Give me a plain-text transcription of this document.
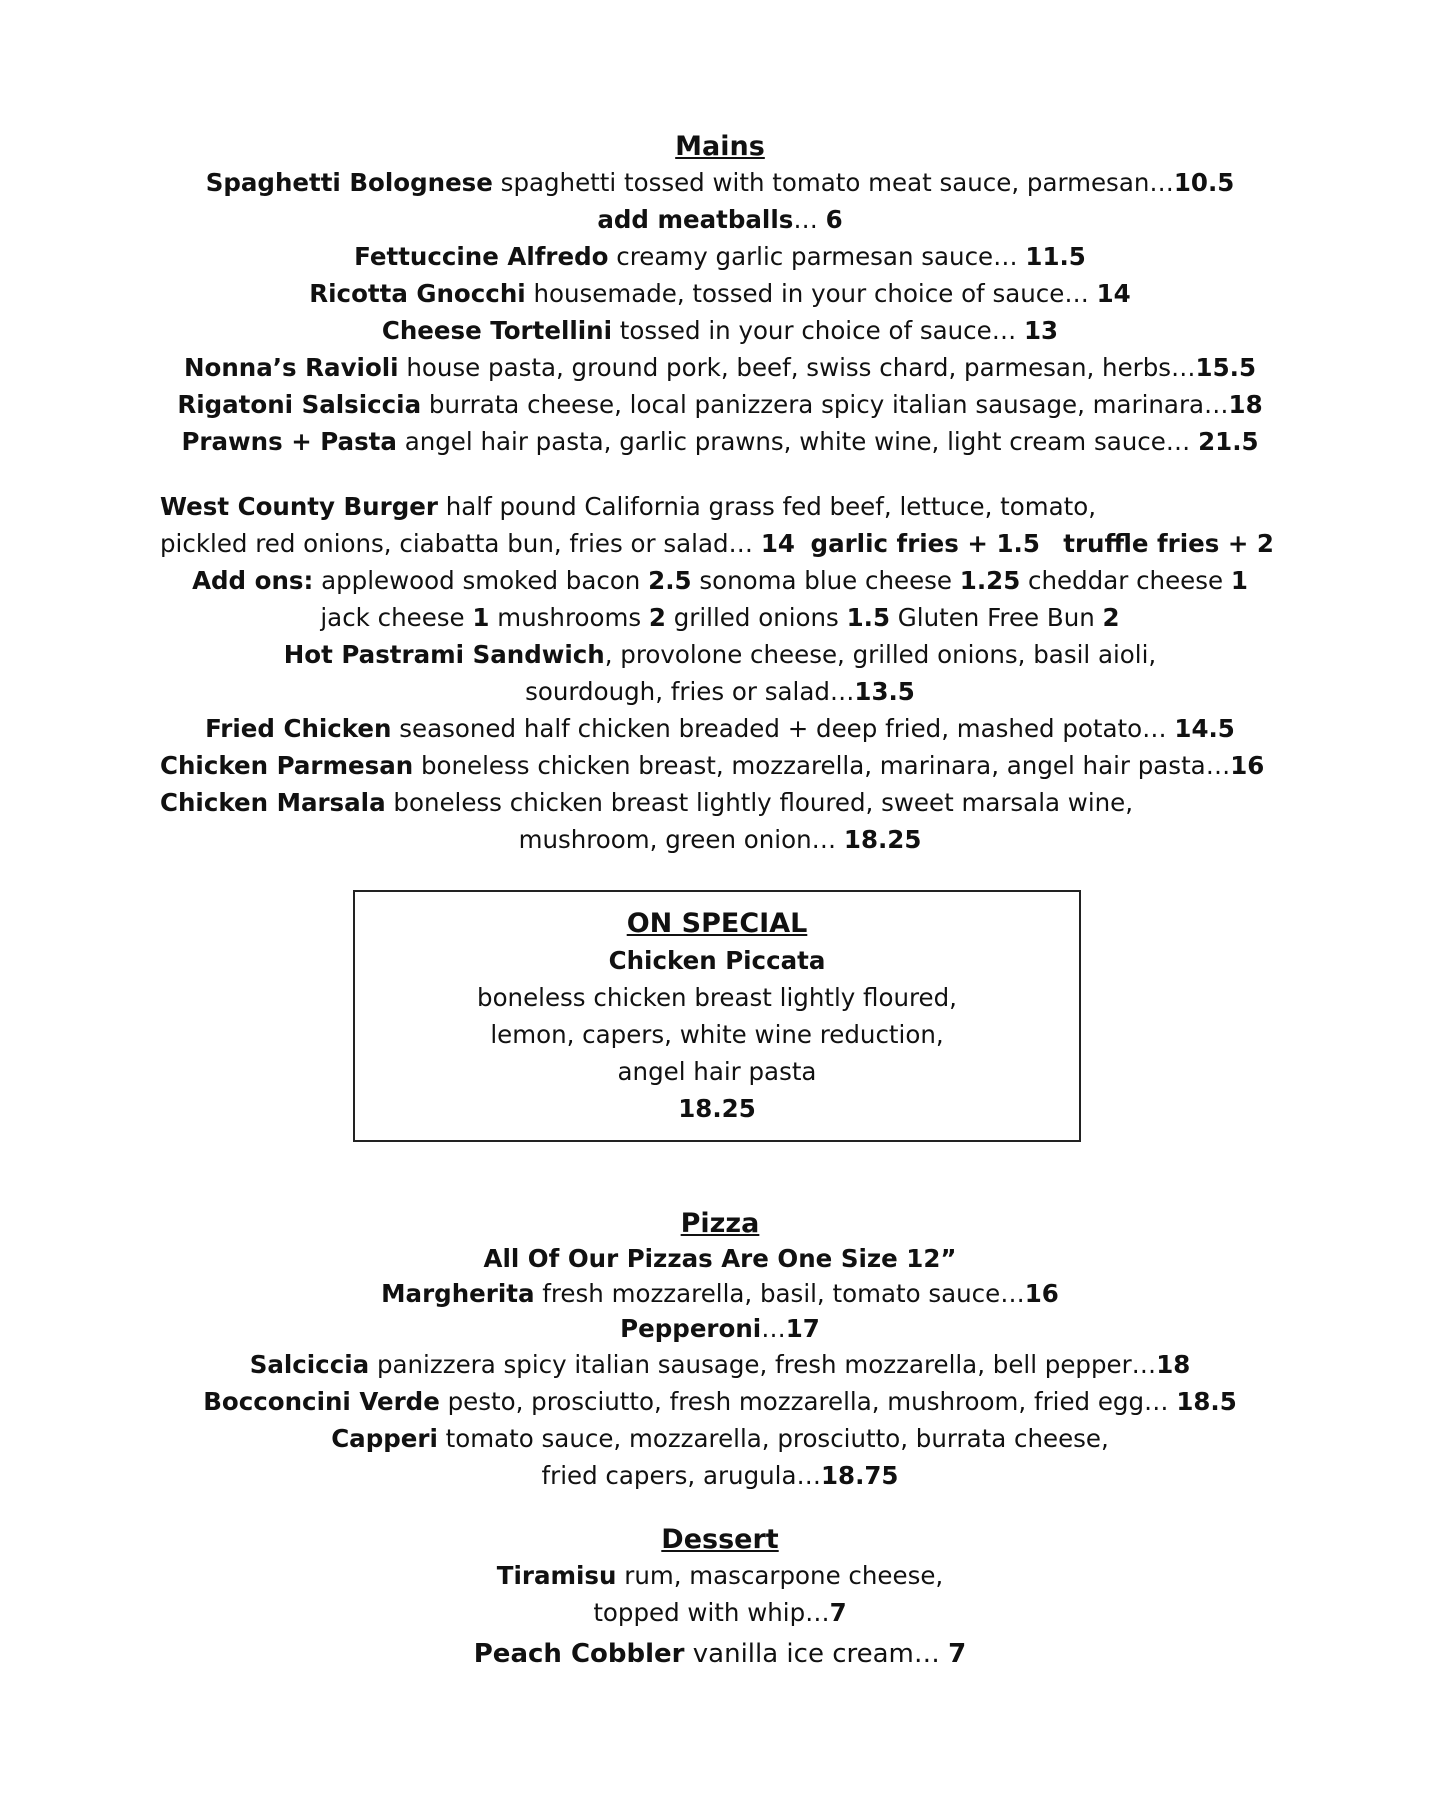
Mains

Spaghetti Bolognese spaghetti tossed with tomato meat sauce, parmesan…10.5

add meatballs… 6

Fettuccine Alfredo creamy garlic parmesan sauce… 11.5

Ricotta Gnocchi housemade, tossed in your choice of sauce… 14

Cheese Tortellini tossed in your choice of sauce… 13

Nonna’s Ravioli house pasta, ground pork, beef, swiss chard, parmesan, herbs…15.5

Rigatoni Salsiccia burrata cheese, local panizzera spicy italian sausage, marinara…18

Prawns + Pasta angel hair pasta, garlic prawns, white wine, light cream sauce… 21.5

West County Burger half pound California grass fed beef, lettuce, tomato,

pickled red onions, ciabatta bun, fries or salad… 14 garlic fries + 1.5 truffle fries + 2

Add ons: applewood smoked bacon 2.5 sonoma blue cheese 1.25 cheddar cheese 1

jack cheese 1 mushrooms 2 grilled onions 1.5 Gluten Free Bun 2

Hot Pastrami Sandwich, provolone cheese, grilled onions, basil aioli,

sourdough, fries or salad…13.5

Fried Chicken seasoned half chicken breaded + deep fried, mashed potato… 14.5

Chicken Parmesan boneless chicken breast, mozzarella, marinara, angel hair pasta…16

Chicken Marsala boneless chicken breast lightly floured, sweet marsala wine,

mushroom, green onion… 18.25

ON SPECIAL

Chicken Piccata

boneless chicken breast lightly floured,

lemon, capers, white wine reduction,

angel hair pasta

18.25

Pizza

All Of Our Pizzas Are One Size 12”

Margherita fresh mozzarella, basil, tomato sauce…16

Pepperoni…17

Salciccia panizzera spicy italian sausage, fresh mozzarella, bell pepper…18

Bocconcini Verde pesto, prosciutto, fresh mozzarella, mushroom, fried egg… 18.5

Capperi tomato sauce, mozzarella, prosciutto, burrata cheese,

fried capers, arugula…18.75

Dessert

Tiramisu rum, mascarpone cheese,

topped with whip…7

Peach Cobbler vanilla ice cream… 7
